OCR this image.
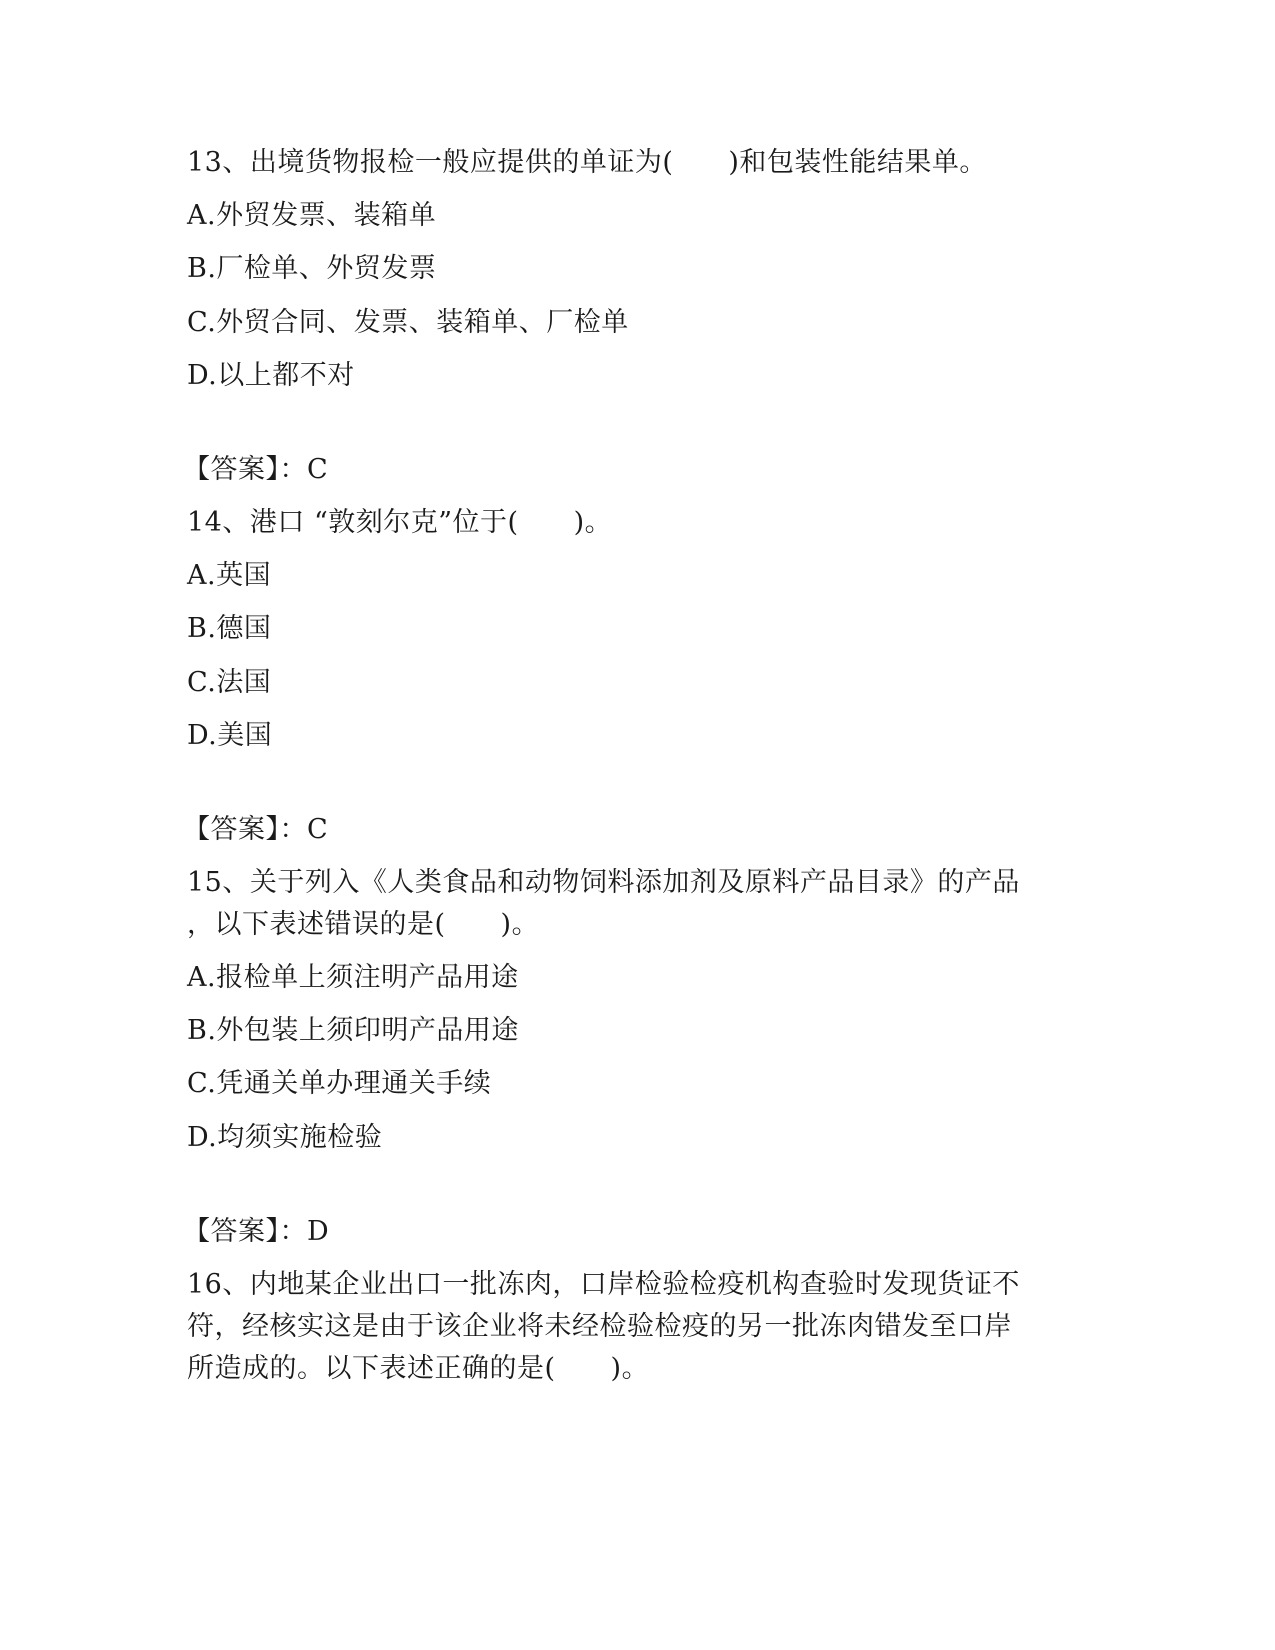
13、出境货物报检一般应提供的单证为(　　)和包装性能结果单。
A.外贸发票、装箱单
B.厂检单、外贸发票
C.外贸合同、发票、装箱单、厂检单
D.以上都不对
【答案】：C
14、港口 “敦刻尔克”位于(　　)。
A.英国
B.德国
C.法国
D.美国
【答案】：C
15、关于列入《人类食品和动物饲料添加剂及原料产品目录》的产品
，以下表述错误的是(　　)。
A.报检单上须注明产品用途
B.外包装上须印明产品用途
C.凭通关单办理通关手续
D.均须实施检验
【答案】：D
16、内地某企业出口一批冻肉，口岸检验检疫机构查验时发现货证不
符，经核实这是由于该企业将未经检验检疫的另一批冻肉错发至口岸
所造成的。以下表述正确的是(　　)。
